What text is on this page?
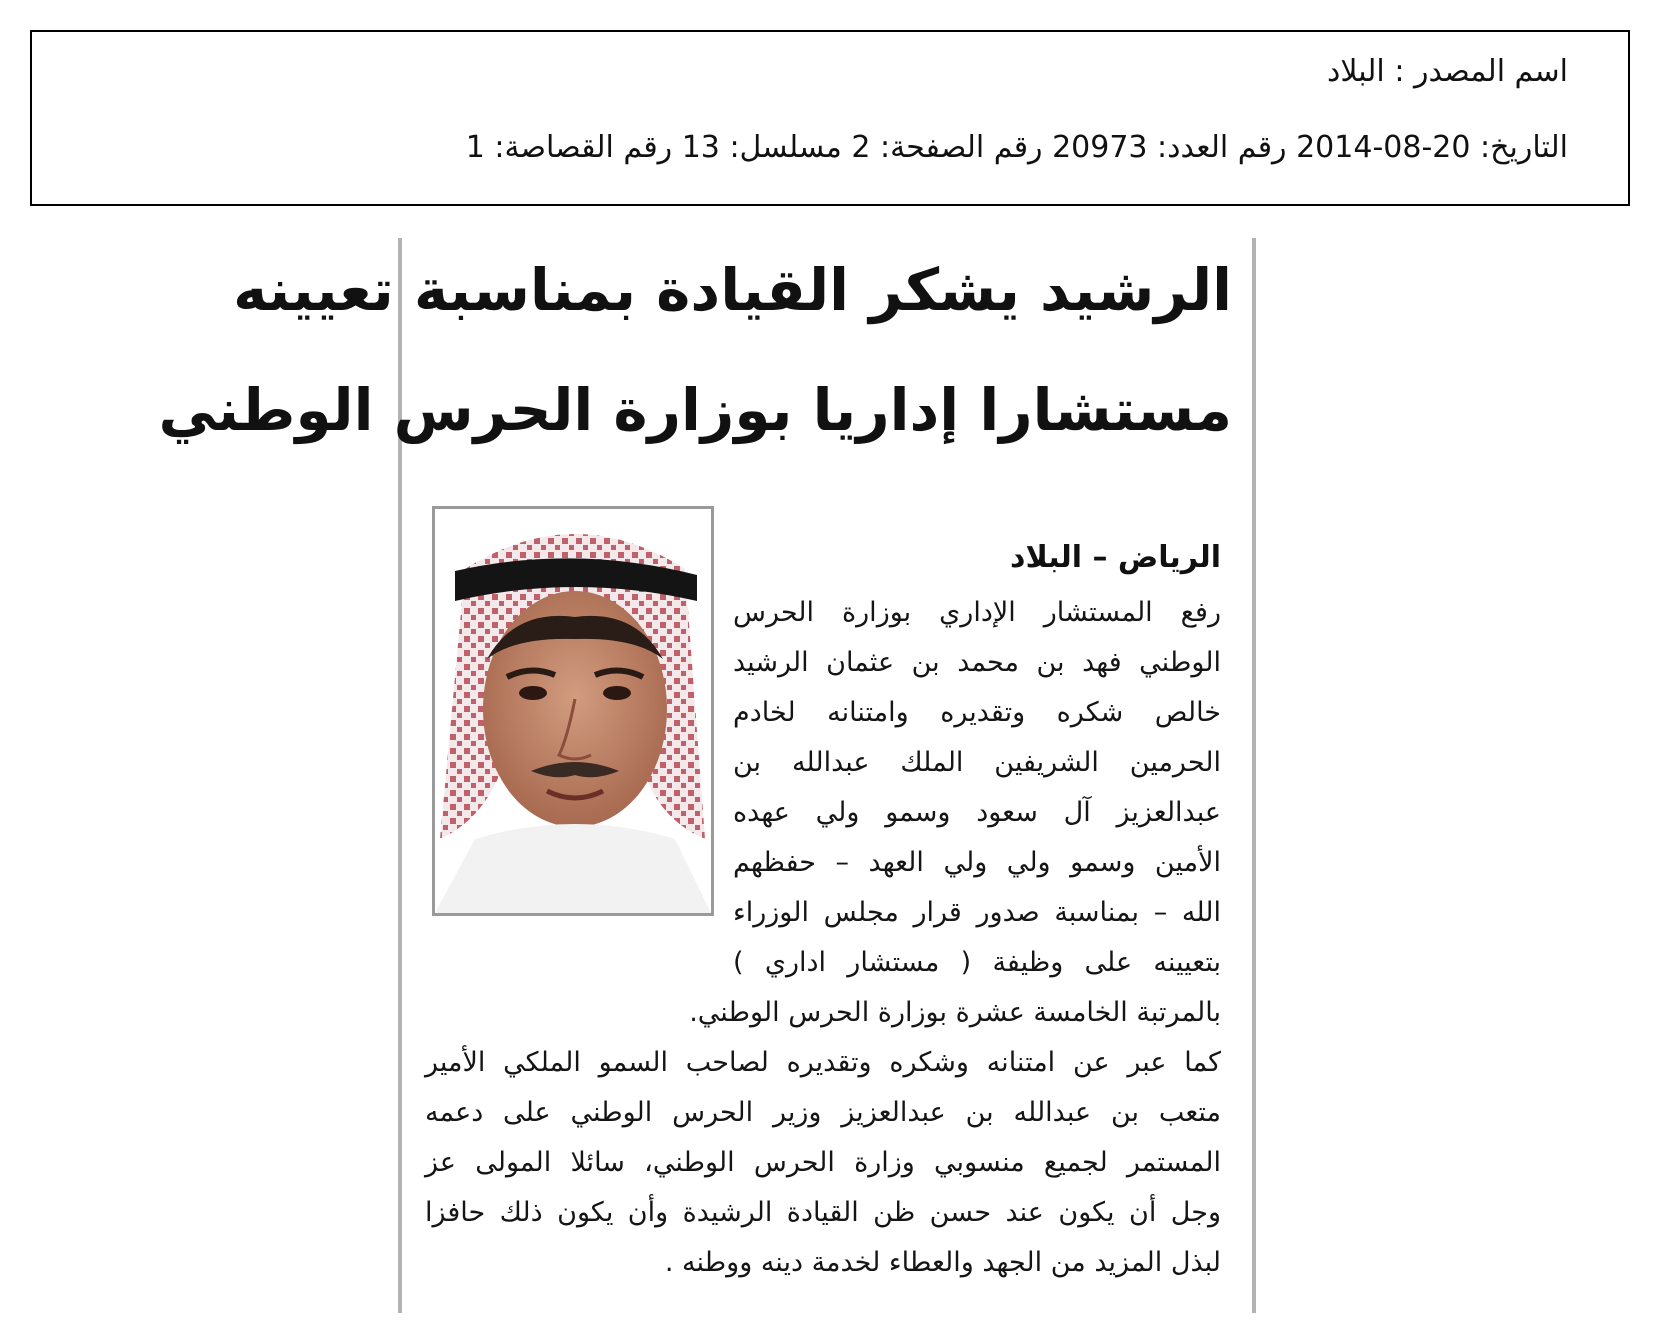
اسم المصدر : البلاد
التاريخ: 20-08-2014 رقم العدد: 20973 رقم الصفحة: 2 مسلسل: 13 رقم القصاصة: 1
الرشيد يشكر القيادة بمناسبة تعيينه
مستشارا إداريا بوزارة الحرس الوطني
الرياض – البلاد
رفع المستشار الإداري بوزارة الحرس
الوطني فهد بن محمد بن عثمان الرشيد
خالص شكره وتقديره وامتنانه لخادم
الحرمين الشريفين الملك عبدالله بن
عبدالعزيز آل سعود وسمو ولي عهده
الأمين وسمو ولي ولي العهد – حفظهم
الله – بمناسبة صدور قرار مجلس الوزراء
بتعيينه على وظيفة ( مستشار اداري )
بالمرتبة الخامسة عشرة بوزارة الحرس الوطني.
كما عبر عن امتنانه وشكره وتقديره لصاحب السمو الملكي الأمير
متعب بن عبدالله بن عبدالعزيز وزير الحرس الوطني على دعمه
المستمر لجميع منسوبي وزارة الحرس الوطني، سائلا المولى عز
وجل أن يكون عند حسن ظن القيادة الرشيدة وأن يكون ذلك حافزا
لبذل المزيد من الجهد والعطاء لخدمة دينه ووطنه .
